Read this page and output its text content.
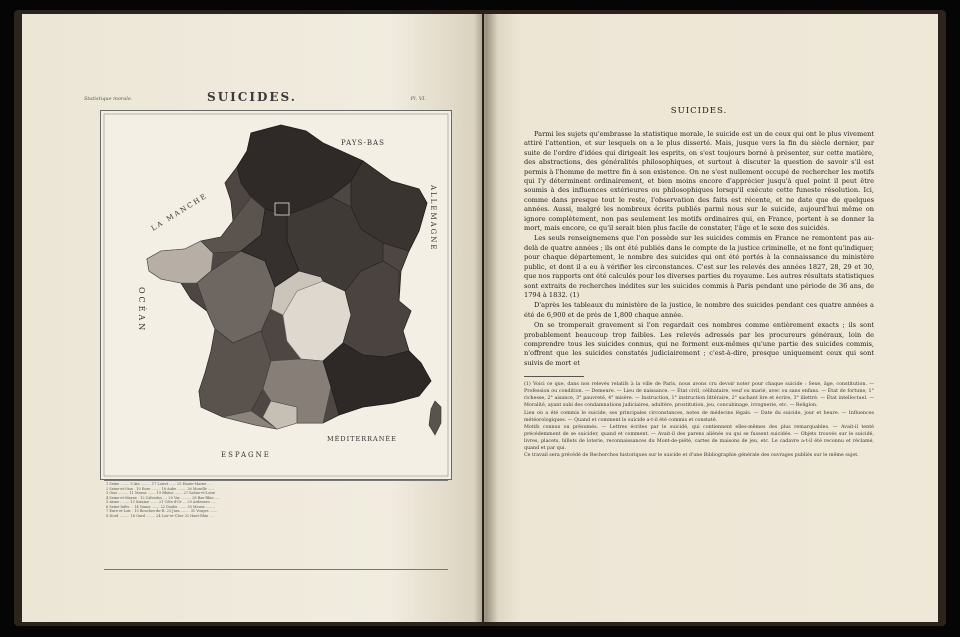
Statistique morale.	SUICIDES.	Pl. VI.
PAYS-BAS
LA MANCHE	ALLEMAGNE
OCÉAN
ESPAGNE
MÉDITERRANÉE
1 Seine ........ 9 Ain ......... 17 Loiret ...... 25 Haute-Marne ...
2 Seine-et-Oise . 10 Eure ........ 18 Aube ........ 26 Moselle ......
3 Oise ......... 11 Marne ....... 19 Rhône ....... 27 Saône-et-Loire
4 Seine-et-Marne . 12 Calvados .... 20 Var ......... 28 Bas-Rhin .....
5 Aisne ........ 13 Somme ....... 21 Côte-d'Or ... 29 Ardennes .....
6 Seine-Infér. .. 14 Yonne ....... 22 Doubs ....... 30 Meuse ........
7 Eure-et-Loir . 15 Bouches-du-R. 23 Jura ........ 31 Vosges .......
8 Nord ......... 16 Gard ........ 24 Loir-et-Cher 32 Haut-Rhin ....
SUICIDES.

Parmi les sujets qu'embrasse la statistique morale, le suicide est un de ceux qui ont le plus vivement attiré l'attention, et sur lesquels on a le plus disserté. Mais, jusque vers la fin du siècle dernier, par suite de l'ordre d'idées qui dirigeait les esprits, on s'est toujours borné à présenter, sur cette matière, des abstractions, des généralités philosophiques, et surtout à discuter la question de savoir s'il est permis à l'homme de mettre fin à son existence. On ne s'est nullement occupé de rechercher les motifs qui l'y déterminent ordinairement, et bien moins encore d'apprécier jusqu'à quel point il peut être soumis à des influences extérieures ou philosophiques lorsqu'il exécute cette funeste résolution. Ici, comme dans presque tout le reste, l'observation des faits est récente, et ne date que de quelques années. Aussi, malgré les nombreux écrits publiés parmi nous sur le suicide, aujourd'hui même on ignore complètement, non pas seulement les motifs ordinaires qui, en France, portent à se donner la mort, mais encore, ce qu'il serait bien plus facile de constater, l'âge et le sexe des suicidés.

Les seuls renseignemens que l'on possède sur les suicides commis en France ne remontent pas au-delà de quatre années ; ils ont été publiés dans le compte de la justice criminelle, et ne font qu'indiquer, pour chaque département, le nombre des suicides qui ont été portés à la connaissance du ministère public, et dont il a eu à vérifier les circonstances. C'est sur les relevés des années 1827, 28, 29 et 30, que nos rapports ont été calculés pour les diverses parties du royaume. Les autres résultats statistiques sont extraits de recherches inédites sur les suicides commis à Paris pendant une période de 36 ans, de 1794 à 1832. (1)

D'après les tableaux du ministère de la justice, le nombre des suicides pendant ces quatre années a été de 6,900 et de près de 1,800 chaque année.

On se tromperait gravement si l'on regardait ces nombres comme entièrement exacts ; ils sont probablement beaucoup trop faibles. Les relevés adressés par les procureurs généraux, loin de comprendre tous les suicides connus, qui ne forment eux-mêmes qu'une partie des suicides commis, n'offrent que les suicides constatés judiciairement ; c'est-à-dire, presque uniquement ceux qui sont suivis de mort et

(1) Voici ce que, dans nos relevés relatifs à la ville de Paris, nous avons cru devoir noter pour chaque suicide : Sexe, âge, constitution. — Profession ou condition. — Demeure. — Lieu de naissance. — État civil, célibataire, veuf ou marié, avec ou sans enfans. — État de fortune, 1° richesse, 2° aisance, 3° pauvreté, 4° misère. — Instruction, 1° instruction littéraire, 2° sachant lire et écrire, 3° illettré. — État intellectuel. — Moralité, ayant subi des condamnations judiciaires, adultère, prostitution, jeu, concubinage, ivrognerie, etc. — Religion.

Lieu où a été commis le suicide, ses principales circonstances, notes de médecins légals. — Date du suicide, jour et heure. — Influences météorologiques. — Quand et comment le suicide a-t-il été commis et constaté.

Motifs connus ou présumés. — Lettres écrites par le suicidé, qui contiennent elles-mêmes des plus remarquables. — Avait-il tenté précédemment de se suicider, quand et comment. — Avait-il des parens aliénés ou qui se fussent suicidés. — Objets trouvés sur le suicidé, livres, placets, billets de loterie, reconnaissances du Mont-de-piété, cartes de maisons de jeu, etc. Le cadavre a-t-il été reconnu et réclamé, quand et par qui.

Ce travail sera précédé de Recherches historiques sur le suicide et d'une Bibliographie générale des ouvrages publiés sur le même sujet.
